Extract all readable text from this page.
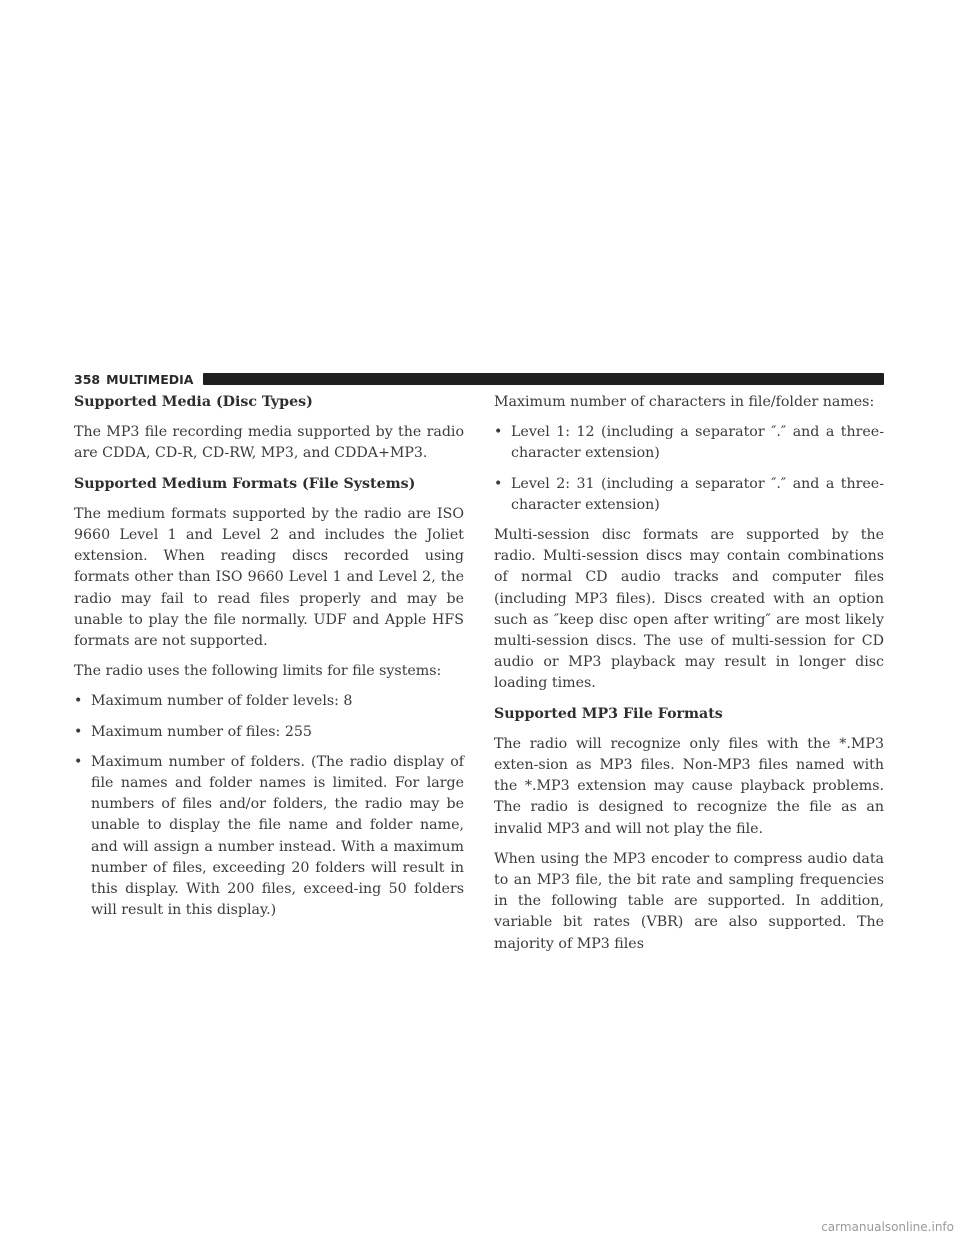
358 MULTIMEDIA
Supported Media (Disc Types)

The MP3 file recording media supported by the radio are CDDA, CD-R, CD-RW, MP3, and CDDA+MP3.

Supported Medium Formats (File Systems)

The medium formats supported by the radio are ISO 9660 Level 1 and Level 2 and includes the Joliet extension. When reading discs recorded using formats other than ISO 9660 Level 1 and Level 2, the radio may fail to read files properly and may be unable to play the file normally. UDF and Apple HFS formats are not supported.

The radio uses the following limits for file systems:

• Maximum number of folder levels: 8
• Maximum number of files: 255
• Maximum number of folders. (The radio display of file names and folder names is limited. For large numbers of files and/or folders, the radio may be unable to display the file name and folder name, and will assign a number instead. With a maximum number of files, exceeding 20 folders will result in this display. With 200 files, exceed-ing 50 folders will result in this display.)

Maximum number of characters in file/folder names:

• Level 1: 12 (including a separator ″.″ and a three-character extension)
• Level 2: 31 (including a separator ″.″ and a three-character extension)

Multi-session disc formats are supported by the radio. Multi-session discs may contain combinations of normal CD audio tracks and computer files (including MP3 files). Discs created with an option such as ″keep disc open after writing″ are most likely multi-session discs. The use of multi-session for CD audio or MP3 playback may result in longer disc loading times.

Supported MP3 File Formats

The radio will recognize only files with the *.MP3 exten-sion as MP3 files. Non-MP3 files named with the *.MP3 extension may cause playback problems. The radio is designed to recognize the file as an invalid MP3 and will not play the file.

When using the MP3 encoder to compress audio data to an MP3 file, the bit rate and sampling frequencies in the following table are supported. In addition, variable bit rates (VBR) are also supported. The majority of MP3 files

carmanualsonline.info
